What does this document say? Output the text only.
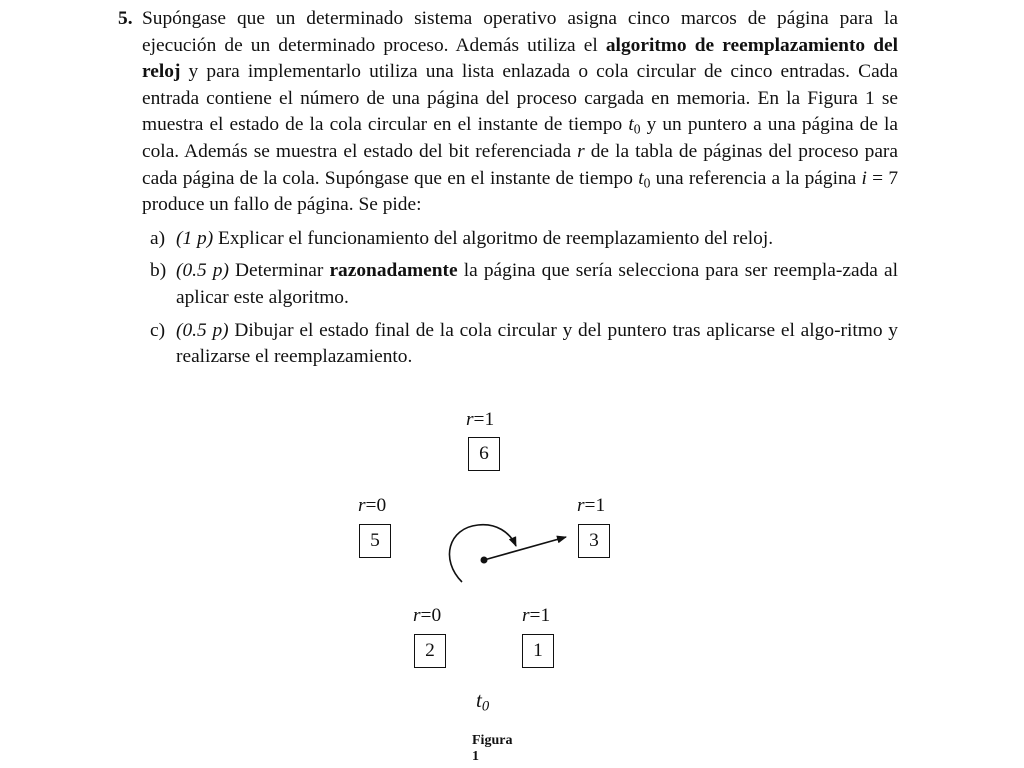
5. Supóngase que un determinado sistema operativo asigna cinco marcos de página para la ejecución de un determinado proceso. Además utiliza el algoritmo de reemplazamiento del reloj y para implementarlo utiliza una lista enlazada o cola circular de cinco entradas. Cada entrada contiene el número de una página del proceso cargada en memoria. En la Figura 1 se muestra el estado de la cola circular en el instante de tiempo $t_0$ y un puntero a una página de la cola. Además se muestra el estado del bit referenciada r de la tabla de páginas del proceso para cada página de la cola. Supóngase que en el instante de tiempo $t_0$ una referencia a la página i = 7 produce un fallo de página. Se pide:
a) (1 p) Explicar el funcionamiento del algoritmo de reemplazamiento del reloj.
b) (0.5 p) Determinar razonadamente la página que sería selecciona para ser reempla-zada al aplicar este algoritmo.
c) (0.5 p) Dibujar el estado final de la cola circular y del puntero tras aplicarse el algo-ritmo y realizarse el reemplazamiento.
r=1
6
r=0
5
r=1
3
r=0
2
r=1
1
$t_0$
Figura 1
